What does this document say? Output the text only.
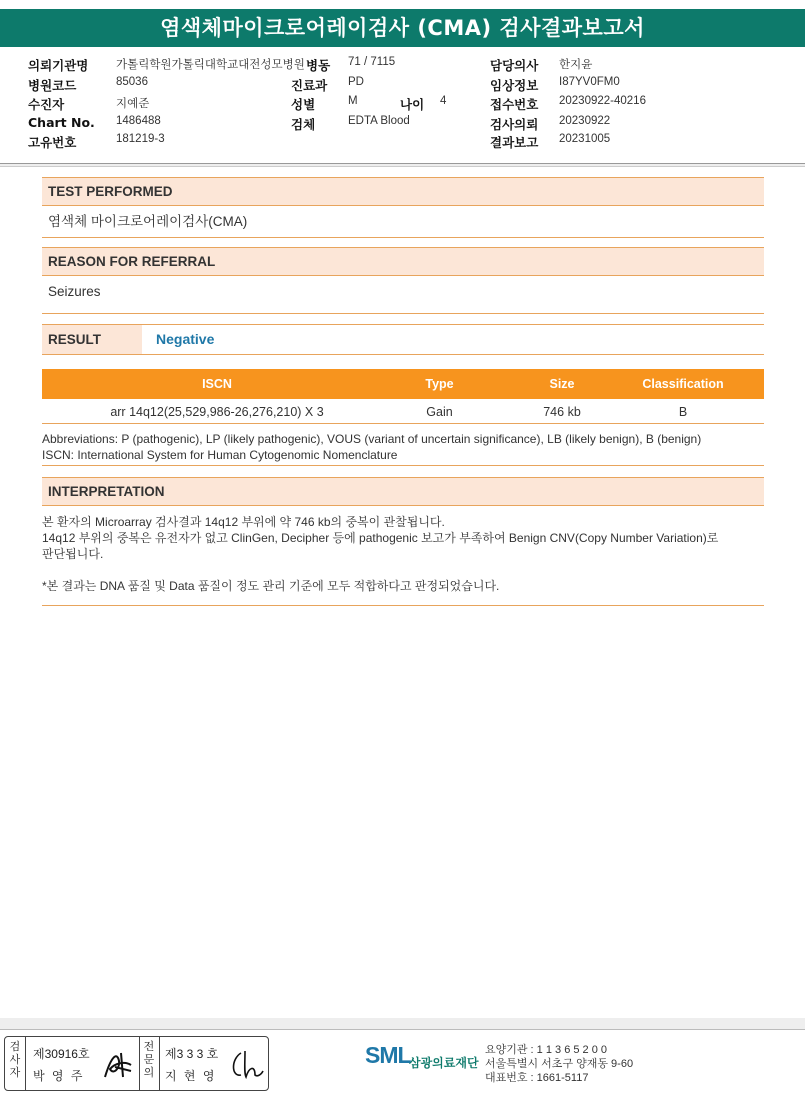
염색체마이크로어레이검사 (CMA) 검사결과보고서
의뢰기관명 가톨릭학원가톨릭대학교대전성모병원 병동 71 / 7115	담당의사 한지윤
병원코드	85036	진료과 PD	임상정보 I87YV0FM0
수진자	지예준	성별	M	나이 4	접수번호 20230922-40216
Chart No. 1486488	검체	EDTA Blood	검사의뢰 20230922
고유번호	181219-3	결과보고 20231005
TEST PERFORMED
염색체 마이크로어레이검사(CMA)
REASON FOR REFERRAL
Seizures
RESULT	Negative
ISCN	Type	Size	Classification
arr 14q12(25,529,986-26,276,210) X 3	Gain	746 kb	B

Abbreviations: P (pathogenic), LP (likely pathogenic), VOUS (variant of uncertain significance), LB (likely benign), B (benign)

ISCN: International System for Human Cytogenomic Nomenclature

INTERPRETATION

본 환자의 Microarray 검사결과 14q12 부위에 약 746 kb의 중복이 관찰됩니다.

14q12 부위의 중복은 유전자가 없고 ClinGen, Decipher 등에 pathogenic 보고가 부족하여 Benign CNV(Copy Number Variation)로

판단됩니다.

*본 결과는 DNA 품질 및 Data 품질이 정도 관리 기준에 모두 적합하다고 판정되었습니다.

검
사
자
제30916호
박 영 주
전
문
의
제3 3 3 호
지 현 영
SML
삼광의료재단
요양기관 : 1 1 3 6 5 2 0 0
서울특별시 서초구 양재동 9-60
대표번호 : 1661-5117
